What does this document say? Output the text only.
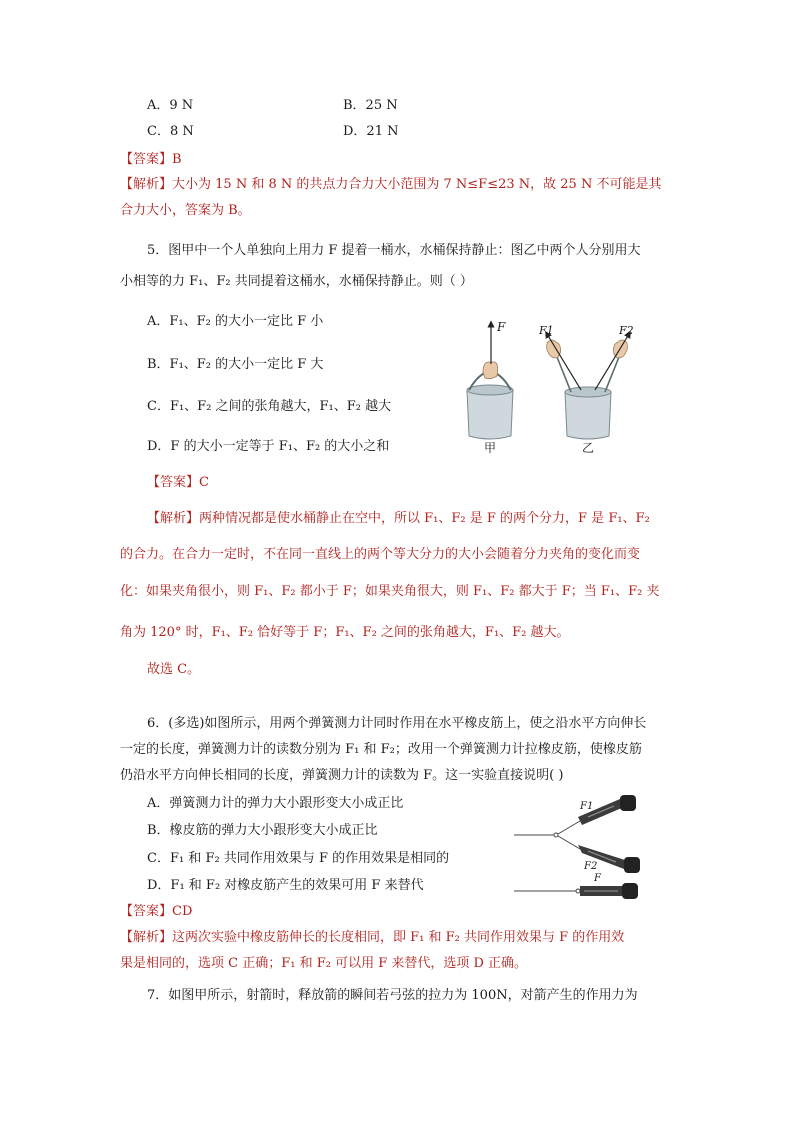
A．9 N	B．25 N
C．8 N	D．21 N
【答案】B
【解析】大小为 15 N 和 8 N 的共点力合力大小范围为 7 N≤F≤23 N，故 25 N 不可能是其
合力大小，答案为 B。
5．图甲中一个人单独向上用力 F 提着一桶水，水桶保持静止：图乙中两个人分别用大
小相等的力 F₁、F₂ 共同提着这桶水，水桶保持静止。则（ ）
A．F₁、F₂ 的大小一定比 F 小
B．F₁、F₂ 的大小一定比 F 大
C．F₁、F₂ 之间的张角越大，F₁、F₂ 越大
D．F 的大小一定等于 F₁、F₂ 的大小之和
F	F1	F2
甲	乙
【答案】C
【解析】两种情况都是使水桶静止在空中，所以 F₁、F₂ 是 F 的两个分力，F 是 F₁、F₂
的合力。在合力一定时，不在同一直线上的两个等大分力的大小会随着分力夹角的变化而变
化：如果夹角很小，则 F₁、F₂ 都小于 F；如果夹角很大，则 F₁、F₂ 都大于 F；当 F₁、F₂ 夹
角为 120° 时，F₁、F₂ 恰好等于 F；F₁、F₂ 之间的张角越大，F₁、F₂ 越大。
故选 C。
6．(多选)如图所示，用两个弹簧测力计同时作用在水平橡皮筋上，使之沿水平方向伸长
一定的长度，弹簧测力计的读数分别为 F₁ 和 F₂；改用一个弹簧测力计拉橡皮筋，使橡皮筋
仍沿水平方向伸长相同的长度，弹簧测力计的读数为 F。这一实验直接说明( )
A．弹簧测力计的弹力大小跟形变大小成正比
B．橡皮筋的弹力大小跟形变大小成正比
C．F₁ 和 F₂ 共同作用效果与 F 的作用效果是相同的
D．F₁ 和 F₂ 对橡皮筋产生的效果可用 F 来替代
F1
F2
F
【答案】CD
【解析】这两次实验中橡皮筋伸长的长度相同，即 F₁ 和 F₂ 共同作用效果与 F 的作用效
果是相同的，选项 C 正确；F₁ 和 F₂ 可以用 F 来替代，选项 D 正确。
7．如图甲所示，射箭时，释放箭的瞬间若弓弦的拉力为 100N，对箭产生的作用力为
